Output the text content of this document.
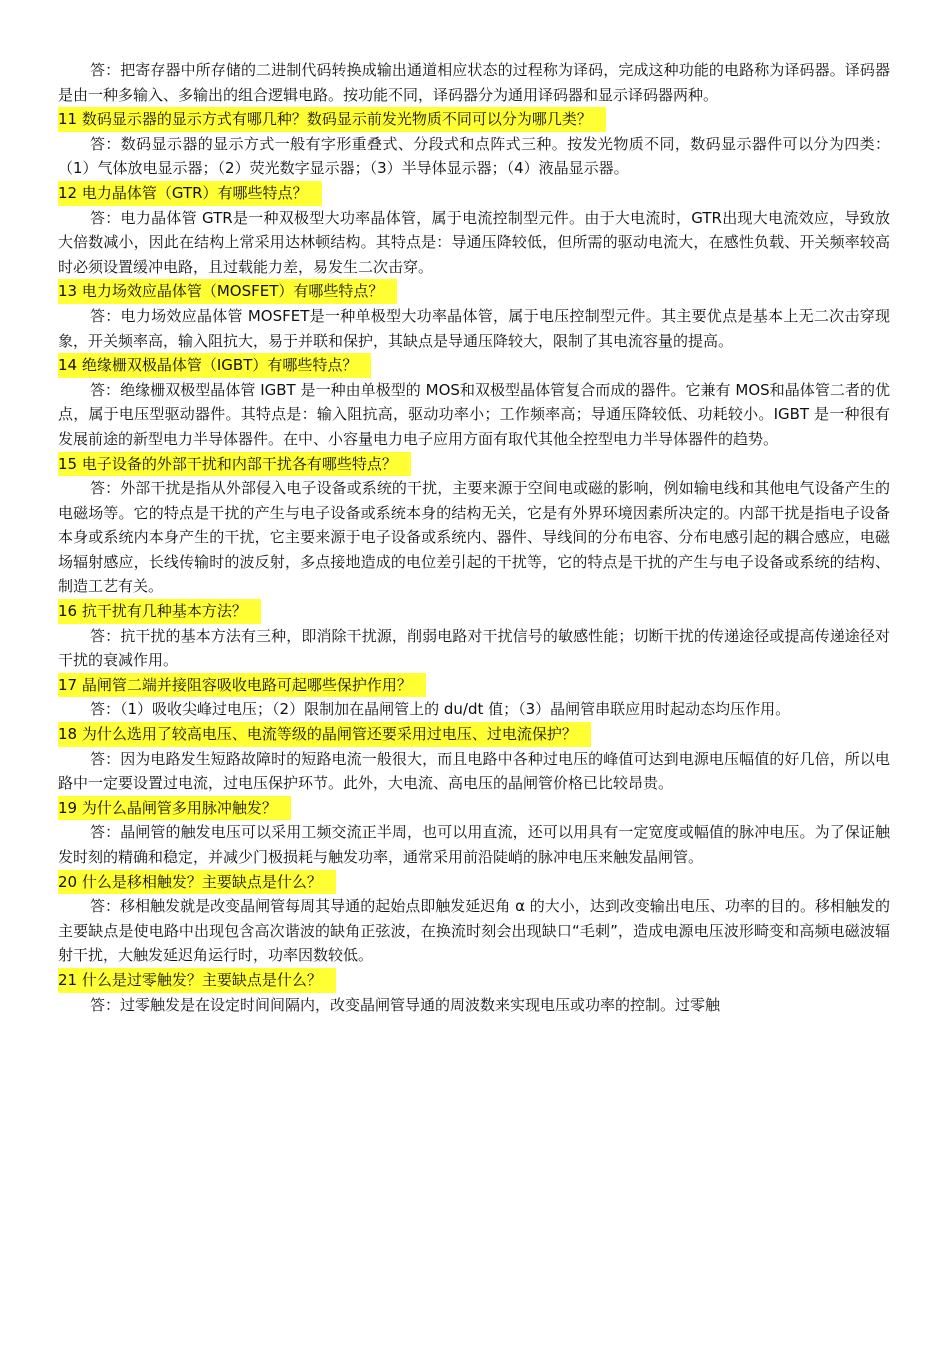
答：把寄存器中所存储的二进制代码转换成输出通道相应状态的过程称为译码，完成这种功能的电路称为译码器。译码器是由一种多输入、多输出的组合逻辑电路。按功能不同，译码器分为通用译码器和显示译码器两种。

11 数码显示器的显示方式有哪几种？数码显示前发光物质不同可以分为哪几类？

答：数码显示器的显示方式一般有字形重叠式、分段式和点阵式三种。按发光物质不同，数码显示器件可以分为四类：（1）气体放电显示器；（2）荧光数字显示器；（3）半导体显示器；（4）液晶显示器。

12 电力晶体管（GTR）有哪些特点？

答：电力晶体管 GTR是一种双极型大功率晶体管，属于电流控制型元件。由于大电流时，GTR出现大电流效应，导致放大倍数减小，因此在结构上常采用达林顿结构。其特点是：导通压降较低，但所需的驱动电流大，在感性负载、开关频率较高时必须设置缓冲电路，且过载能力差，易发生二次击穿。

13 电力场效应晶体管（MOSFET）有哪些特点？

答：电力场效应晶体管 MOSFET是一种单极型大功率晶体管，属于电压控制型元件。其主要优点是基本上无二次击穿现象，开关频率高，输入阻抗大，易于并联和保护，其缺点是导通压降较大，限制了其电流容量的提高。

14 绝缘栅双极晶体管（IGBT）有哪些特点？

答：绝缘栅双极型晶体管 IGBT 是一种由单极型的 MOS和双极型晶体管复合而成的器件。它兼有 MOS和晶体管二者的优点，属于电压型驱动器件。其特点是：输入阻抗高，驱动功率小；工作频率高；导通压降较低、功耗较小。IGBT 是一种很有发展前途的新型电力半导体器件。在中、小容量电力电子应用方面有取代其他全控型电力半导体器件的趋势。

15 电子设备的外部干扰和内部干扰各有哪些特点？

答：外部干扰是指从外部侵入电子设备或系统的干扰，主要来源于空间电或磁的影响，例如输电线和其他电气设备产生的电磁场等。它的特点是干扰的产生与电子设备或系统本身的结构无关，它是有外界环境因素所决定的。内部干扰是指电子设备本身或系统内本身产生的干扰，它主要来源于电子设备或系统内、器件、导线间的分布电容、分布电感引起的耦合感应，电磁场辐射感应，长线传输时的波反射，多点接地造成的电位差引起的干扰等，它的特点是干扰的产生与电子设备或系统的结构、制造工艺有关。

16 抗干扰有几种基本方法？

答：抗干扰的基本方法有三种，即消除干扰源，削弱电路对干扰信号的敏感性能；切断干扰的传递途径或提高传递途径对干扰的衰减作用。

17 晶闸管二端并接阻容吸收电路可起哪些保护作用？

答：（1）吸收尖峰过电压；（2）限制加在晶闸管上的 du/dt 值；（3）晶闸管串联应用时起动态均压作用。

18 为什么选用了较高电压、电流等级的晶闸管还要采用过电压、过电流保护？

答：因为电路发生短路故障时的短路电流一般很大，而且电路中各种过电压的峰值可达到电源电压幅值的好几倍，所以电路中一定要设置过电流，过电压保护环节。此外，大电流、高电压的晶闸管价格已比较昂贵。

19 为什么晶闸管多用脉冲触发？

答：晶闸管的触发电压可以采用工频交流正半周，也可以用直流，还可以用具有一定宽度或幅值的脉冲电压。为了保证触发时刻的精确和稳定，并减少门极损耗与触发功率，通常采用前沿陡峭的脉冲电压来触发晶闸管。

20 什么是移相触发？主要缺点是什么？

答：移相触发就是改变晶闸管每周其导通的起始点即触发延迟角 α 的大小，达到改变输出电压、功率的目的。移相触发的主要缺点是使电路中出现包含高次谐波的缺角正弦波，在换流时刻会出现缺口“毛刺”，造成电源电压波形畸变和高频电磁波辐射干扰，大触发延迟角运行时，功率因数较低。

21 什么是过零触发？主要缺点是什么？

答：过零触发是在设定时间间隔内，改变晶闸管导通的周波数来实现电压或功率的控制。过零触
